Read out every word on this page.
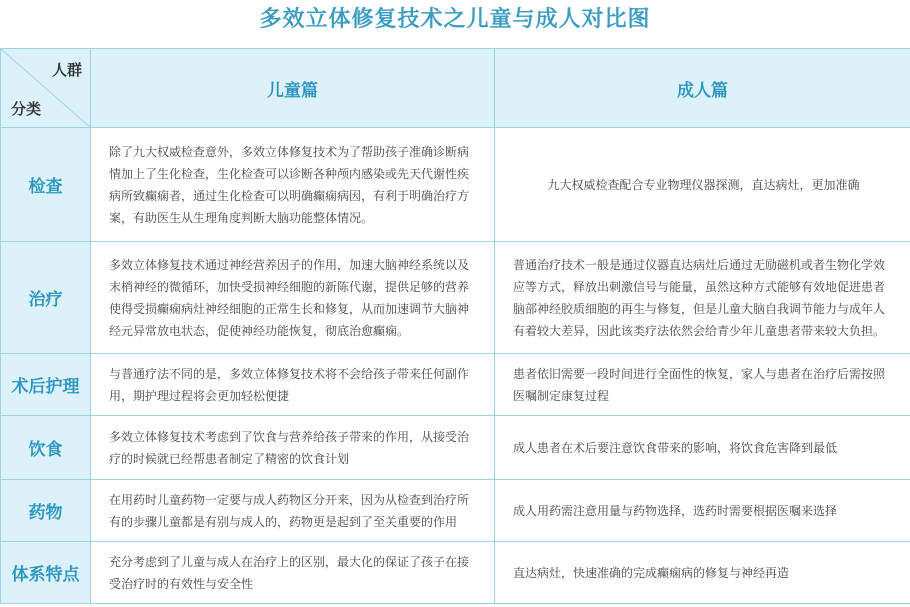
多效立体修复技术之儿童与成人对比图
人群
分类	儿童篇	成人篇
检查	除了九大权威检查意外，多效立体修复技术为了帮助孩子准确诊断病情加上了生化检查，生化检查可以诊断各种颅内感染或先天代谢性疾病所致癫痫者，通过生化检查可以明确癫痫病因，有利于明确治疗方案，有助医生从生理角度判断大脑功能整体情况。	九大权威检查配合专业物理仪器探测，直达病灶，更加准确
治疗	多效立体修复技术通过神经营养因子的作用，加速大脑神经系统以及末梢神经的微循环，加快受损神经细胞的新陈代谢，提供足够的营养使得受损癫痫病灶神经细胞的正常生长和修复，从而加速调节大脑神经元异常放电状态，促使神经功能恢复，彻底治愈癫痫。	普通治疗技术一般是通过仪器直达病灶后通过无励磁机或者生物化学效应等方式，释放出刺激信号与能量，虽然这种方式能够有效地促进患者脑部神经胶质细胞的再生与修复，但是儿童大脑自我调节能力与成年人有着较大差异，因此该类疗法依然会给青少年儿童患者带来较大负担。
术后护理	与普通疗法不同的是，多效立体修复技术将不会给孩子带来任何副作用，期护理过程将会更加轻松便捷	患者依旧需要一段时间进行全面性的恢复，家人与患者在治疗后需按照医嘱制定康复过程
饮食	多效立体修复技术考虑到了饮食与营养给孩子带来的作用，从接受治疗的时候就已经帮患者制定了精密的饮食计划	成人患者在术后要注意饮食带来的影响，将饮食危害降到最低
药物	在用药时儿童药物一定要与成人药物区分开来，因为从检查到治疗所有的步骤儿童都是有别与成人的，药物更是起到了至关重要的作用	成人用药需注意用量与药物选择，选药时需要根据医嘱来选择
体系特点	充分考虑到了儿童与成人在治疗上的区别，最大化的保证了孩子在接受治疗时的有效性与安全性	直达病灶，快速准确的完成癫痫病的修复与神经再造
